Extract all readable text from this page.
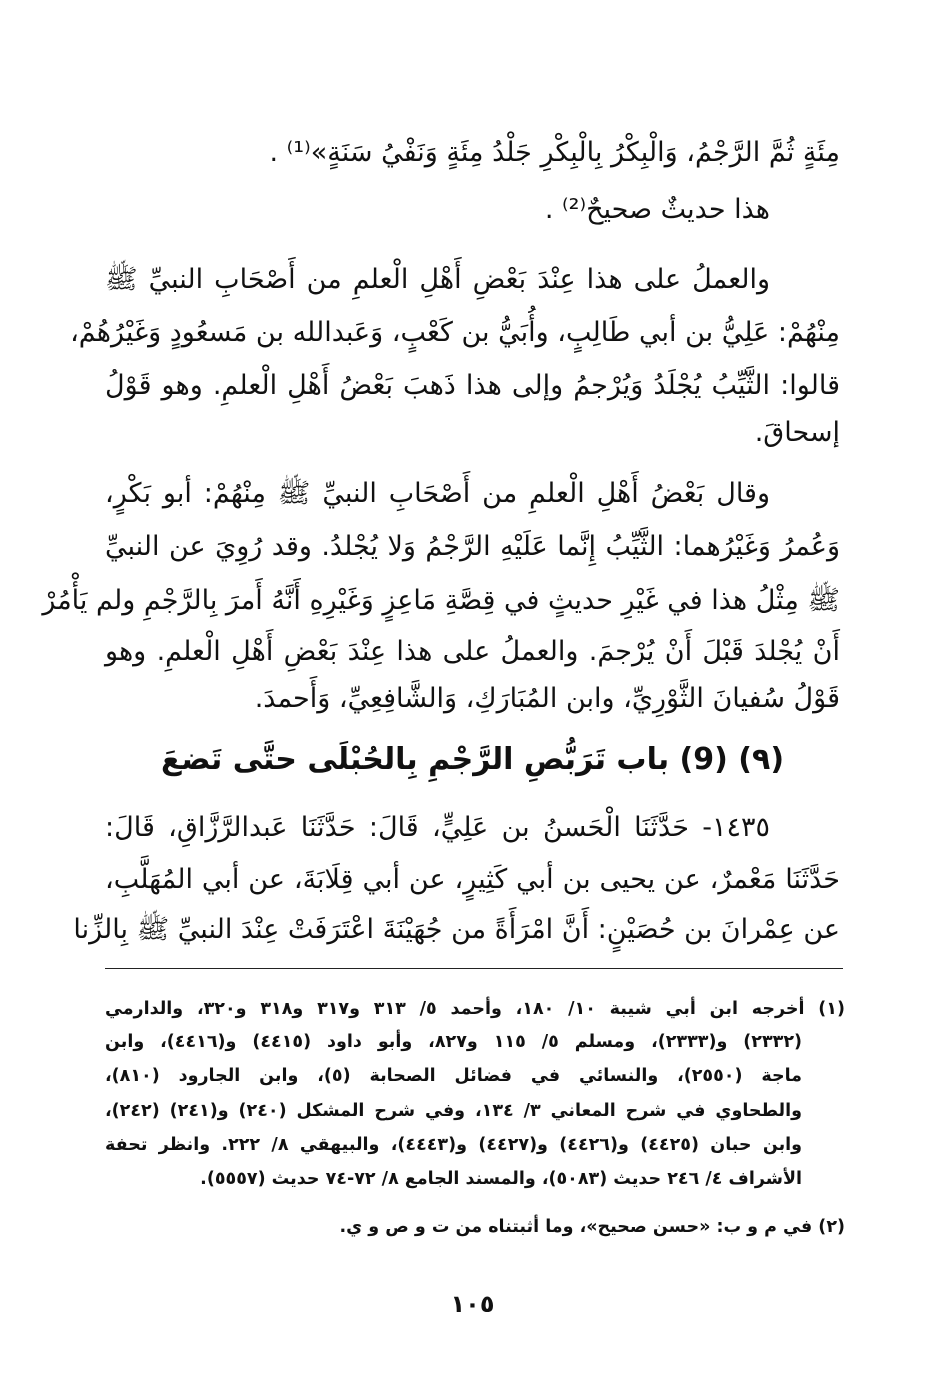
مِئَةٍ ثُمَّ الرَّجْمُ، وَالْبِكْرُ بِالْبِكْرِ جَلْدُ مِئَةٍ وَنَفْيُ سَنَةٍ»⁽¹⁾ .
هذا حديثٌ صحيحٌ⁽²⁾ .
والعملُ على هذا عِنْدَ بَعْضِ أَهْلِ الْعلمِ من أَصْحَابِ النبيِّ ﷺ
مِنْهُمْ: عَلِيُّ بن أبي طَالِبٍ، وأُبَيُّ بن كَعْبٍ، وَعَبدالله بن مَسعُودٍ وَغَيْرُهُمْ،
قالوا: الثَّيِّبُ يُجْلَدُ وَيُرْجمُ وإلى هذا ذَهبَ بَعْضُ أَهْلِ الْعلمِ. وهو قَوْلُ
إسحاقَ.
وقال بَعْضُ أَهْلِ الْعلمِ من أَصْحَابِ النبيِّ ﷺ مِنْهُمْ: أبو بَكْرٍ،
وَعُمرُ وَغَيْرُهما: الثَّيِّبُ إِنَّما عَلَيْهِ الرَّجْمُ وَلا يُجْلدُ. وقد رُوِيَ عن النبيِّ
ﷺ مِثْلُ هذا في غَيْرِ حديثٍ في قِصَّةِ مَاعِزٍ وَغَيْرِهِ أَنَّهُ أَمرَ بِالرَّجْمِ ولم يَأْمُرْ
أَنْ يُجْلدَ قَبْلَ أَنْ يُرْجمَ. والعملُ على هذا عِنْدَ بَعْضِ أَهْلِ الْعلمِ. وهو
قَوْلُ سُفيانَ الثَّوْرِيِّ، وابن المُبَارَكِ، وَالشَّافِعِيِّ، وَأَحمدَ.
(٩) (9) باب تَرَبُّصِ الرَّجْمِ بِالحُبْلَى حتَّى تَضعَ
١٤٣٥- حَدَّثَنَا الْحَسنُ بن عَلِيٍّ، قَالَ: حَدَّثَنَا عَبدالرَّزَّاقِ، قَالَ:
حَدَّثَنَا مَعْمرٌ، عن يحيى بن أبي كَثِيرٍ، عن أبي قِلَابَةَ، عن أبي المُهَلَّبِ،
عن عِمْرانَ بن حُصَيْنٍ: أَنَّ امْرَأَةً من جُهَيْنَةَ اعْتَرَفَتْ عِنْدَ النبيِّ ﷺ بِالزِّنا
(١) أخرجه ابن أبي شيبة ١٠/ ١٨٠، وأحمد ٥/ ٣١٣ و٣١٧ و٣١٨ و٣٢٠، والدارمي
(٢٣٣٢) و(٢٣٣٣)، ومسلم ٥/ ١١٥ و٨٢٧، وأبو داود (٤٤١٥) و(٤٤١٦)، وابن
ماجة (٢٥٥٠)، والنسائي في فضائل الصحابة (٥)، وابن الجارود (٨١٠)،
والطحاوي في شرح المعاني ٣/ ١٣٤، وفي شرح المشكل (٢٤٠) و(٢٤١) (٢٤٢)،
وابن حبان (٤٤٢٥) و(٤٤٢٦) و(٤٤٢٧) و(٤٤٤٣)، والبيهقي ٨/ ٢٢٢. وانظر تحفة
الأشراف ٤/ ٢٤٦ حديث (٥٠٨٣)، والمسند الجامع ٨/ ٧٢-٧٤ حديث (٥٥٥٧).
(٢) في م و ب: «حسن صحيح»، وما أثبتناه من ت و ص و ي.
١٠٥
